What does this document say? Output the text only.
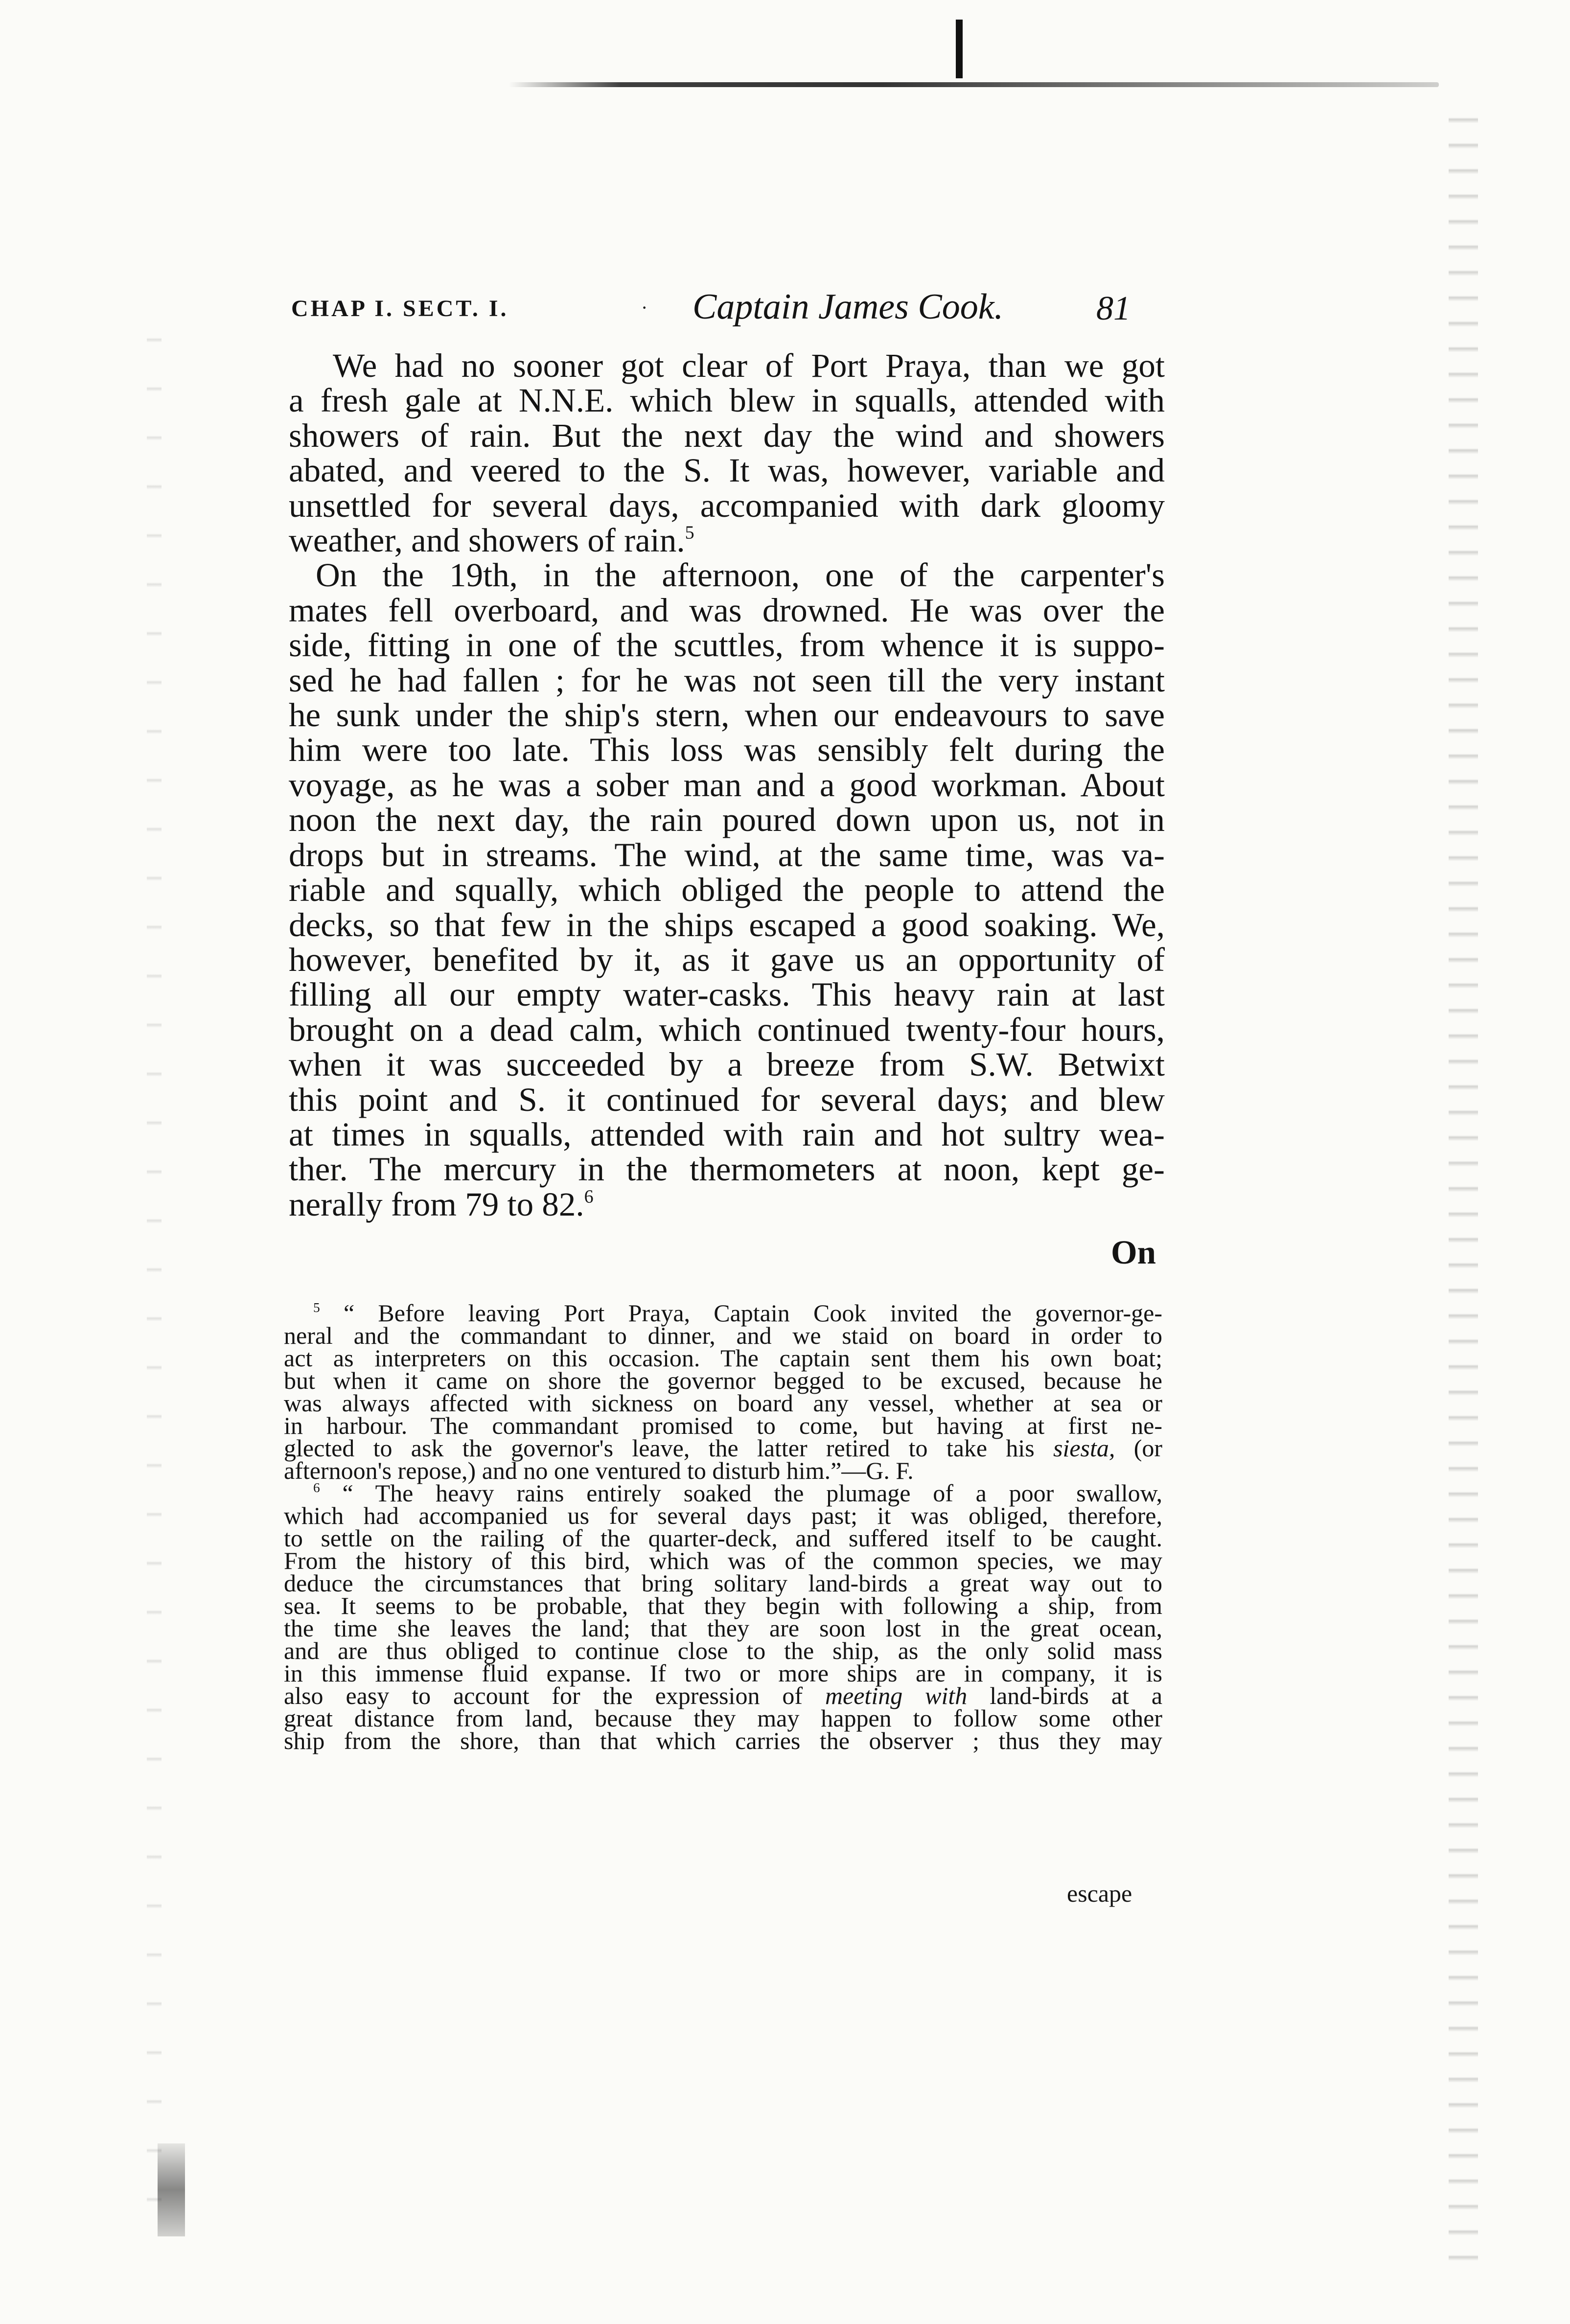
CHAP I. SECT. I.	· Captain James Cook.	81

We had no sooner got clear of Port Praya, than we got

a fresh gale at N.N.E. which blew in squalls, attended with

showers of rain. But the next day the wind and showers

abated, and veered to the S. It was, however, variable and

unsettled for several days, accompanied with dark gloomy

weather, and showers of rain.$^5$

On the 19th, in the afternoon, one of the carpenter's

mates fell overboard, and was drowned. He was over the

side, fitting in one of the scuttles, from whence it is suppo-

sed he had fallen ; for he was not seen till the very instant

he sunk under the ship's stern, when our endeavours to save

him were too late. This loss was sensibly felt during the

voyage, as he was a sober man and a good workman. About

noon the next day, the rain poured down upon us, not in

drops but in streams. The wind, at the same time, was va-

riable and squally, which obliged the people to attend the

decks, so that few in the ships escaped a good soaking. We,

however, benefited by it, as it gave us an opportunity of

filling all our empty water-casks. This heavy rain at last

brought on a dead calm, which continued twenty-four hours,

when it was succeeded by a breeze from S.W. Betwixt

this point and S. it continued for several days; and blew

at times in squalls, attended with rain and hot sultry wea-

ther. The mercury in the thermometers at noon, kept ge-

nerally from 79 to 82.$^6$

On

$^5$ “ Before leaving Port Praya, Captain Cook invited the governor-ge-

neral and the commandant to dinner, and we staid on board in order to

act as interpreters on this occasion. The captain sent them his own boat;

but when it came on shore the governor begged to be excused, because he

was always affected with sickness on board any vessel, whether at sea or

in harbour. The commandant promised to come, but having at first ne-

glected to ask the governor's leave, the latter retired to take his siesta, (or

afternoon's repose,) and no one ventured to disturb him.”—G. F.

$^6$ “ The heavy rains entirely soaked the plumage of a poor swallow,

which had accompanied us for several days past; it was obliged, therefore,

to settle on the railing of the quarter-deck, and suffered itself to be caught.

From the history of this bird, which was of the common species, we may

deduce the circumstances that bring solitary land-birds a great way out to

sea. It seems to be probable, that they begin with following a ship, from

the time she leaves the land; that they are soon lost in the great ocean,

and are thus obliged to continue close to the ship, as the only solid mass

in this immense fluid expanse. If two or more ships are in company, it is

also easy to account for the expression of meeting with land-birds at a

great distance from land, because they may happen to follow some other

ship from the shore, than that which carries the observer ; thus they may

escape
